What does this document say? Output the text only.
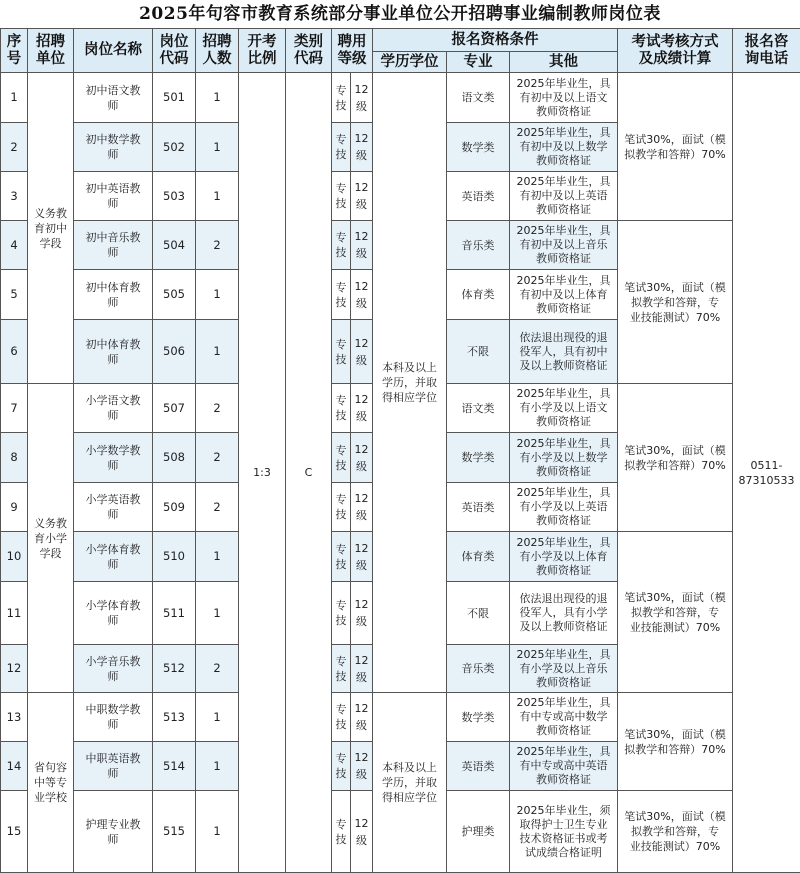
2025年句容市教育系统部分事业单位公开招聘事业编制教师岗位表
序
号	招聘
单位	岗位名称	岗位
代码	招聘
人数	开考
比例	类别
代码	聘用
等级		报名资格条件			考试考核方式
及成绩计算	报名咨
询电话
									学历学位	专业	其他		
1	义务教
育初中
学段	初中语文教
师	501	1	1:3	C	专
技	12
级	本科及以上
学历，并取
得相应学位	语文类	2025年毕业生，具
有初中及以上语文
教师资格证	笔试30%，面试（模
拟教学和答辩）70%	0511-
87310533
2		初中数学教
师	502	1			专
技	12
级		数学类	2025年毕业生，具
有初中及以上数学
教师资格证		
3		初中英语教
师	503	1			专
技	12
级		英语类	2025年毕业生，具
有初中及以上英语
教师资格证		
4		初中音乐教
师	504	2			专
技	12
级		音乐类	2025年毕业生，具
有初中及以上音乐
教师资格证	笔试30%，面试（模
拟教学和答辩，专
业技能测试）70%	
5		初中体育教
师	505	1			专
技	12
级		体育类	2025年毕业生，具
有初中及以上体育
教师资格证		
6		初中体育教
师	506	1			专
技	12
级		不限	依法退出现役的退
役军人，具有初中
及以上教师资格证		
7	义务教
育小学
学段	小学语文教
师	507	2			专
技	12
级		语文类	2025年毕业生，具
有小学及以上语文
教师资格证	笔试30%，面试（模
拟教学和答辩）70%	
8		小学数学教
师	508	2			专
技	12
级		数学类	2025年毕业生，具
有小学及以上数学
教师资格证		
9		小学英语教
师	509	2			专
技	12
级		英语类	2025年毕业生，具
有小学及以上英语
教师资格证		
10		小学体育教
师	510	1			专
技	12
级		体育类	2025年毕业生，具
有小学及以上体育
教师资格证	笔试30%，面试（模
拟教学和答辩，专
业技能测试）70%	
11		小学体育教
师	511	1			专
技	12
级		不限	依法退出现役的退
役军人，具有小学
及以上教师资格证		
12		小学音乐教
师	512	2			专
技	12
级		音乐类	2025年毕业生，具
有小学及以上音乐
教师资格证		
13	省句容
中等专
业学校	中职数学教
师	513	1			专
技	12
级	本科及以上
学历，并取
得相应学位	数学类	2025年毕业生，具
有中专或高中数学
教师资格证	笔试30%，面试（模
拟教学和答辩）70%	
14		中职英语教
师	514	1			专
技	12
级		英语类	2025年毕业生，具
有中专或高中英语
教师资格证		
15		护理专业教
师	515	1			专
技	12
级		护理类	2025年毕业生，须
取得护士卫生专业
技术资格证书或考
试成绩合格证明	笔试30%，面试（模
拟教学和答辩，专
业技能测试）70%	
